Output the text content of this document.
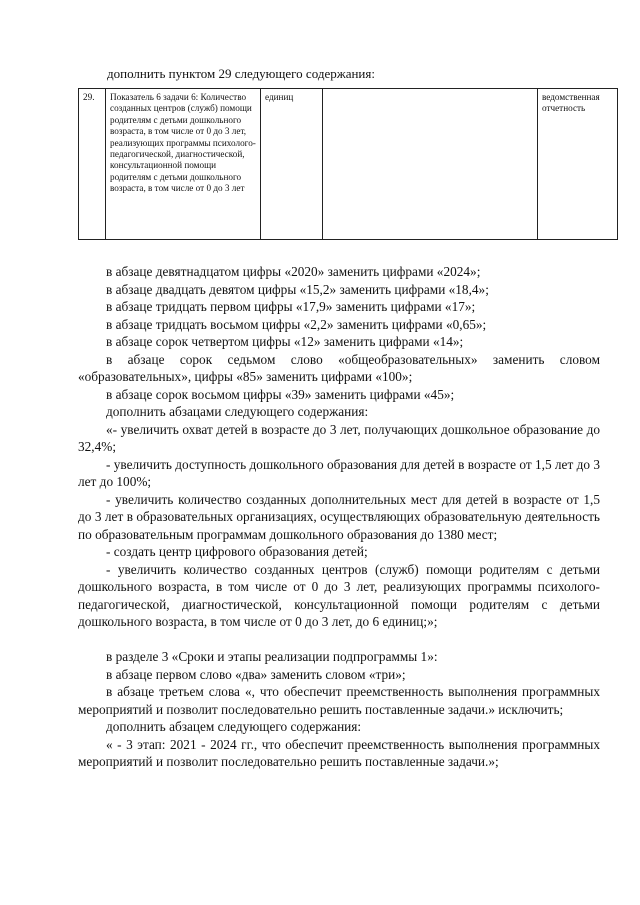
дополнить пунктом 29 следующего содержания:
29.	Показатель 6 задачи 6: Количество созданных центров (служб) помощи родителям с детьми дошкольного возраста, в том числе от 0 до 3 лет, реализующих программы психолого-педагогической, диагностической, консультационной помощи родителям с детьми дошкольного возраста, в том числе от 0 до 3 лет	единиц		ведомственная отчетность

в абзаце девятнадцатом цифры «2020» заменить цифрами «2024»;

в абзаце двадцать девятом цифры «15,2» заменить цифрами «18,4»;

в абзаце тридцать первом цифры «17,9» заменить цифрами «17»;

в абзаце тридцать восьмом цифры «2,2» заменить цифрами «0,65»;

в абзаце сорок четвертом цифры «12» заменить цифрами «14»;

в абзаце сорок седьмом слово «общеобразовательных» заменить словом «образовательных», цифры «85» заменить цифрами «100»;

в абзаце сорок восьмом цифры «39» заменить цифрами «45»;

дополнить абзацами следующего содержания:

«- увеличить охват детей в возрасте до 3 лет, получающих дошкольное образование до 32,4%;

- увеличить доступность дошкольного образования для детей в возрасте от 1,5 лет до 3 лет до 100%;

- увеличить количество созданных дополнительных мест для детей в возрасте от 1,5 до 3 лет в образовательных организациях, осуществляющих образовательную деятельность по образовательным программам дошкольного образования до 1380 мест;

- создать центр цифрового образования детей;

- увеличить количество созданных центров (служб) помощи родителям с детьми дошкольного возраста, в том числе от 0 до 3 лет, реализующих программы психолого-педагогической, диагностической, консультационной помощи родителям с детьми дошкольного возраста, в том числе от 0 до 3 лет, до 6 единиц;»;

в разделе 3 «Сроки и этапы реализации подпрограммы 1»:

в абзаце первом слово «два» заменить словом «три»;

в абзаце третьем слова «, что обеспечит преемственность выполнения программных мероприятий и позволит последовательно решить поставленные задачи.» исключить;

дополнить абзацем следующего содержания:

« - 3 этап: 2021 - 2024 гг., что обеспечит преемственность выполнения программных мероприятий и позволит последовательно решить поставленные задачи.»;
